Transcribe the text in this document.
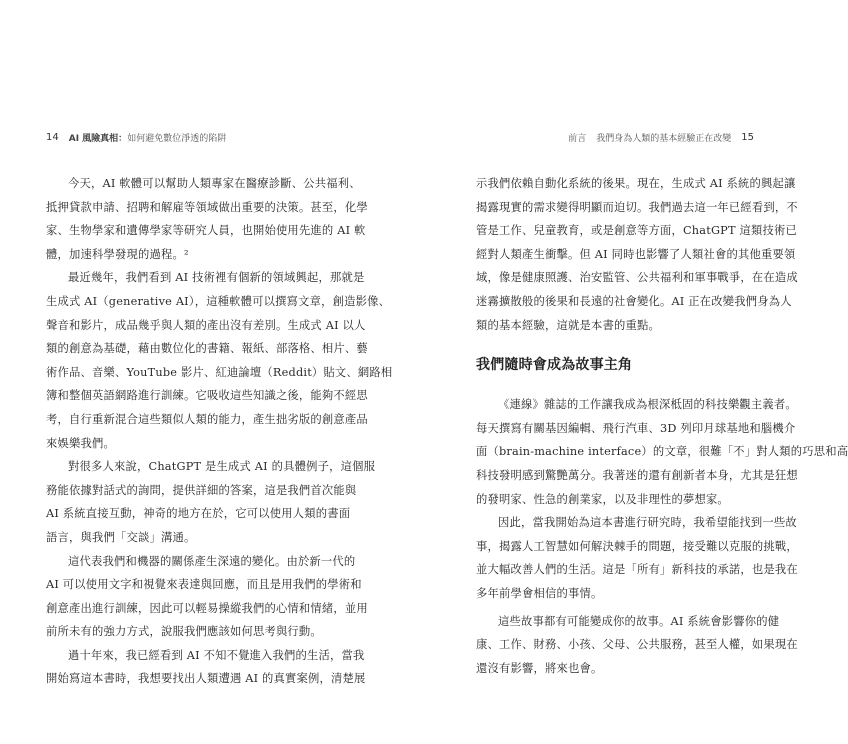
14 AI 風險真相： 如何避免數位淨透的陷阱
今天，AI 軟體可以幫助人類專家在醫療診斷、公共福利、
抵押貸款申請、招聘和解雇等領域做出重要的決策。甚至，化學
家、生物學家和遺傳學家等研究人員，也開始使用先進的 AI 軟
體，加速科學發現的過程。²
最近幾年，我們看到 AI 技術裡有個新的領域興起，那就是
生成式 AI（generative AI），這種軟體可以撰寫文章，創造影像、
聲音和影片，成品幾乎與人類的產出沒有差別。生成式 AI 以人
類的創意為基礎，藉由數位化的書籍、報紙、部落格、相片、藝
術作品、音樂、YouTube 影片、紅迪論壇（Reddit）貼文、網路相
簿和整個英語網路進行訓練。它吸收這些知識之後，能夠不經思
考，自行重新混合這些類似人類的能力，產生拙劣版的創意產品
來娛樂我們。
對很多人來說，ChatGPT 是生成式 AI 的具體例子，這個服
務能依據對話式的詢問，提供詳細的答案，這是我們首次能與
AI 系統直接互動，神奇的地方在於，它可以使用人類的書面
語言，與我們「交談」溝通。
這代表我們和機器的關係產生深遠的變化。由於新一代的
AI 可以使用文字和視覺來表達與回應，而且是用我們的學術和
創意產出進行訓練，因此可以輕易操縱我們的心情和情緒，並用
前所未有的強力方式，說服我們應該如何思考與行動。
過十年來，我已經看到 AI 不知不覺進入我們的生活，當我
開始寫這本書時，我想要找出人類遭遇 AI 的真實案例，清楚展
前言 我們身為人類的基本經驗正在改變 15
示我們依賴自動化系統的後果。現在，生成式 AI 系統的興起讓
揭露現實的需求變得明顯而迫切。我們過去這一年已經看到，不
管是工作、兒童教育，或是創意等方面，ChatGPT 這類技術已
經對人類產生衝擊。但 AI 同時也影響了人類社會的其他重要領
域，像是健康照護、治安監管、公共福利和軍事戰爭，在在造成
迷霧擴散般的後果和長遠的社會變化。AI 正在改變我們身為人
類的基本經驗，這就是本書的重點。
我們隨時會成為故事主角
《連線》雜誌的工作讓我成為根深柢固的科技樂觀主義者。
每天撰寫有關基因編輯、飛行汽車、3D 列印月球基地和腦機介
面（brain-machine interface）的文章，很難「不」對人類的巧思和高
科技發明感到驚艷萬分。我著迷的還有創新者本身，尤其是狂想
的發明家、性急的創業家，以及非理性的夢想家。
因此，當我開始為這本書進行研究時，我希望能找到一些故
事，揭露人工智慧如何解決棘手的問題，接受難以克服的挑戰，
並大幅改善人們的生活。這是「所有」新科技的承諾，也是我在
多年前學會相信的事情。
這些故事都有可能變成你的故事。AI 系統會影響你的健
康、工作、財務、小孩、父母、公共服務，甚至人權，如果現在
還沒有影響，將來也會。
